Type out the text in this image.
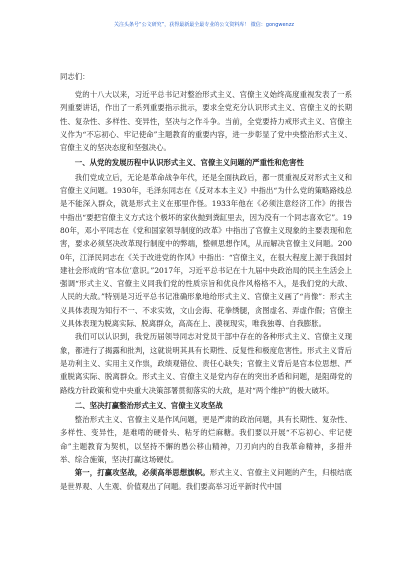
关注头条号“公文研究”，获得最新最全最专业的公文资料库！ 微信：gongwenzz
同志们：

党的十八大以来，习近平总书记对整治形式主义、官僚主义始终高度重视发表了一系列重要讲话，作出了一系列重要指示批示，要求全党充分认识形式主义、官僚主义的长期性、复杂性、多样性、变异性，坚决与之作斗争。当前，全党要持力戒形式主义、官僚主义作为“不忘初心、牢记使命”主题教育的重要内容，进一步彰显了党中央整治形式主义、官僚主义的坚决态度和坚强决心。

一、从党的发展历程中认识形式主义、官僚主义问题的严重性和危害性

我们党成立后，无论是革命战争年代，还是全面执政后，都一贯重视反对形式主义和官僚主义问题。1930年，毛泽东同志在《反对本本主义》中指出“为什么党的策略路线总是不能深入群众，就是形式主义在那里作怪。1933年他在《必须注意经济工作》的报告中指出“要把官僚主义方式这个极坏的家伙抛到粪缸里去，因为没有一个同志喜欢它”。1980年，邓小平同志在《党和国家领导制度的改革》中指出了官僚主义现象的主要表现和危害，要求必须坚决改革现行制度中的弊端，整顿思想作风，从而解决官僚主义问题。2000年，江泽民同志在《关于改进党的作风》中指出：“官僚主义，在很大程度上源于我国封建社会形成的‘官本位’意识。”2017年，习近平总书记在十九届中央政治局的民主生活会上强调“形式主义、官僚主义同我们党的性质宗旨和优良作风格格不入，是我们党的大敌、人民的大敌。”特别是习近平总书记准确形象地给形式主义、官僚主义画了“肖像”：形式主义具体表现为知行不一、不求实效，文山会海、花拳绣腿，贪图虚名、弄虚作假；官僚主义具体表现为脱离实际、脱离群众，高高在上、漠视现实，唯我独尊、自我膨胀。

我们可以认识到，我党历届领导同志对党员干部中存在的各种形式主义、官僚主义现象，都进行了揭露和批判，这就说明其具有长期性、反复性和极度危害性。形式主义背后是功利主义、实用主义作祟，政绩观错位、责任心缺失；官僚主义背后是官本位思想、严重脱离实际、脱离群众。形式主义、官僚主义是党内存在的突出矛盾和问题，是阻碍党的路线方针政策和党中央重大决策部署贯彻落实的大敌，是对“两个维护”的极大破坏。

二、坚决打赢整治形式主义、官僚主义攻坚战

整治形式主义、官僚主义是作风问题，更是严肃的政治问题，具有长期性、复杂性、多样性、变异性，是难啃的硬骨头、粘牙的烂麻糖。我们要以开展“不忘初心、牢记使命”主题教育为契机，以坚持不懈的愚公移山精神，刀刃向内的自我革命精神，多措并举、综合施策，坚决打赢这场硬仗。

第一，打赢攻坚战，必须高举思想旗帜。形式主义、官僚主义问题的产生，归根结底是世界观、人生观、价值观出了问题。我们要高举习近平新时代中国
